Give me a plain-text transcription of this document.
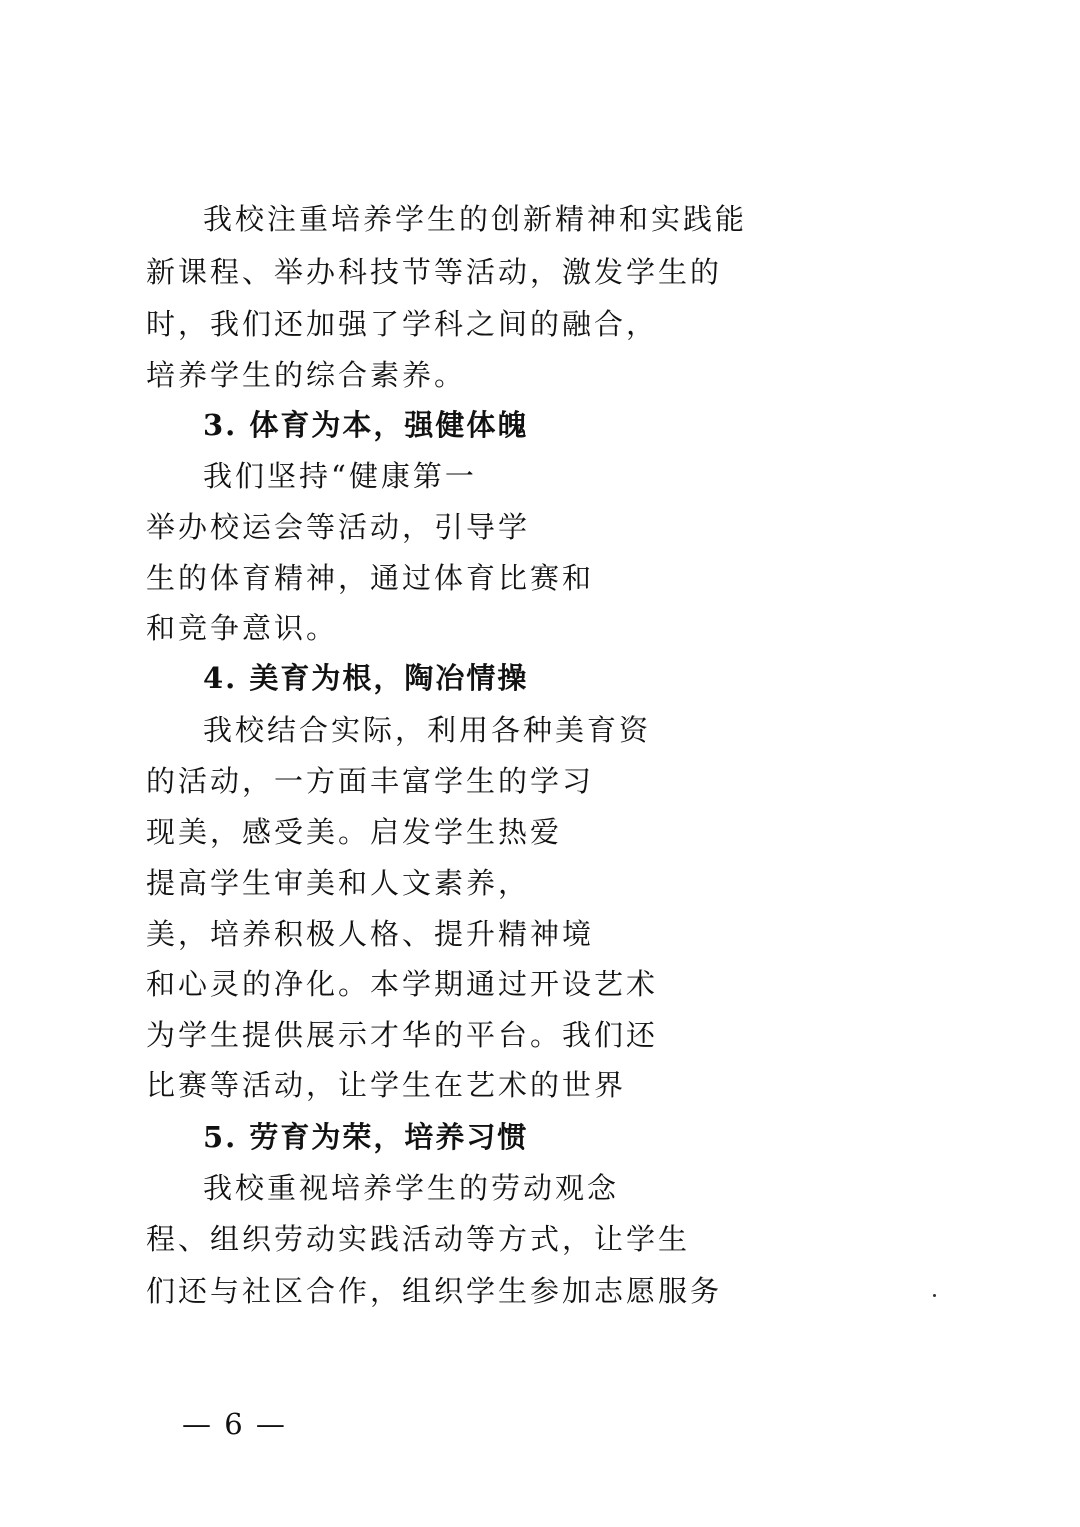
我校注重培养学生的创新精神和实践能
新课程、举办科技节等活动，激发学生的
时，我们还加强了学科之间的融合，
培养学生的综合素养。
3. 体育为本，强健体魄
我们坚持“健康第一
举办校运会等活动，引导学
生的体育精神，通过体育比赛和
和竞争意识。
4. 美育为根，陶冶情操
我校结合实际，利用各种美育资
的活动，一方面丰富学生的学习
现美，感受美。启发学生热爱
提高学生审美和人文素养，
美，培养积极人格、提升精神境
和心灵的净化。本学期通过开设艺术
为学生提供展示才华的平台。我们还
比赛等活动，让学生在艺术的世界
5. 劳育为荣，培养习惯
我校重视培养学生的劳动观念
程、组织劳动实践活动等方式，让学生
们还与社区合作，组织学生参加志愿服务
— 6 —
